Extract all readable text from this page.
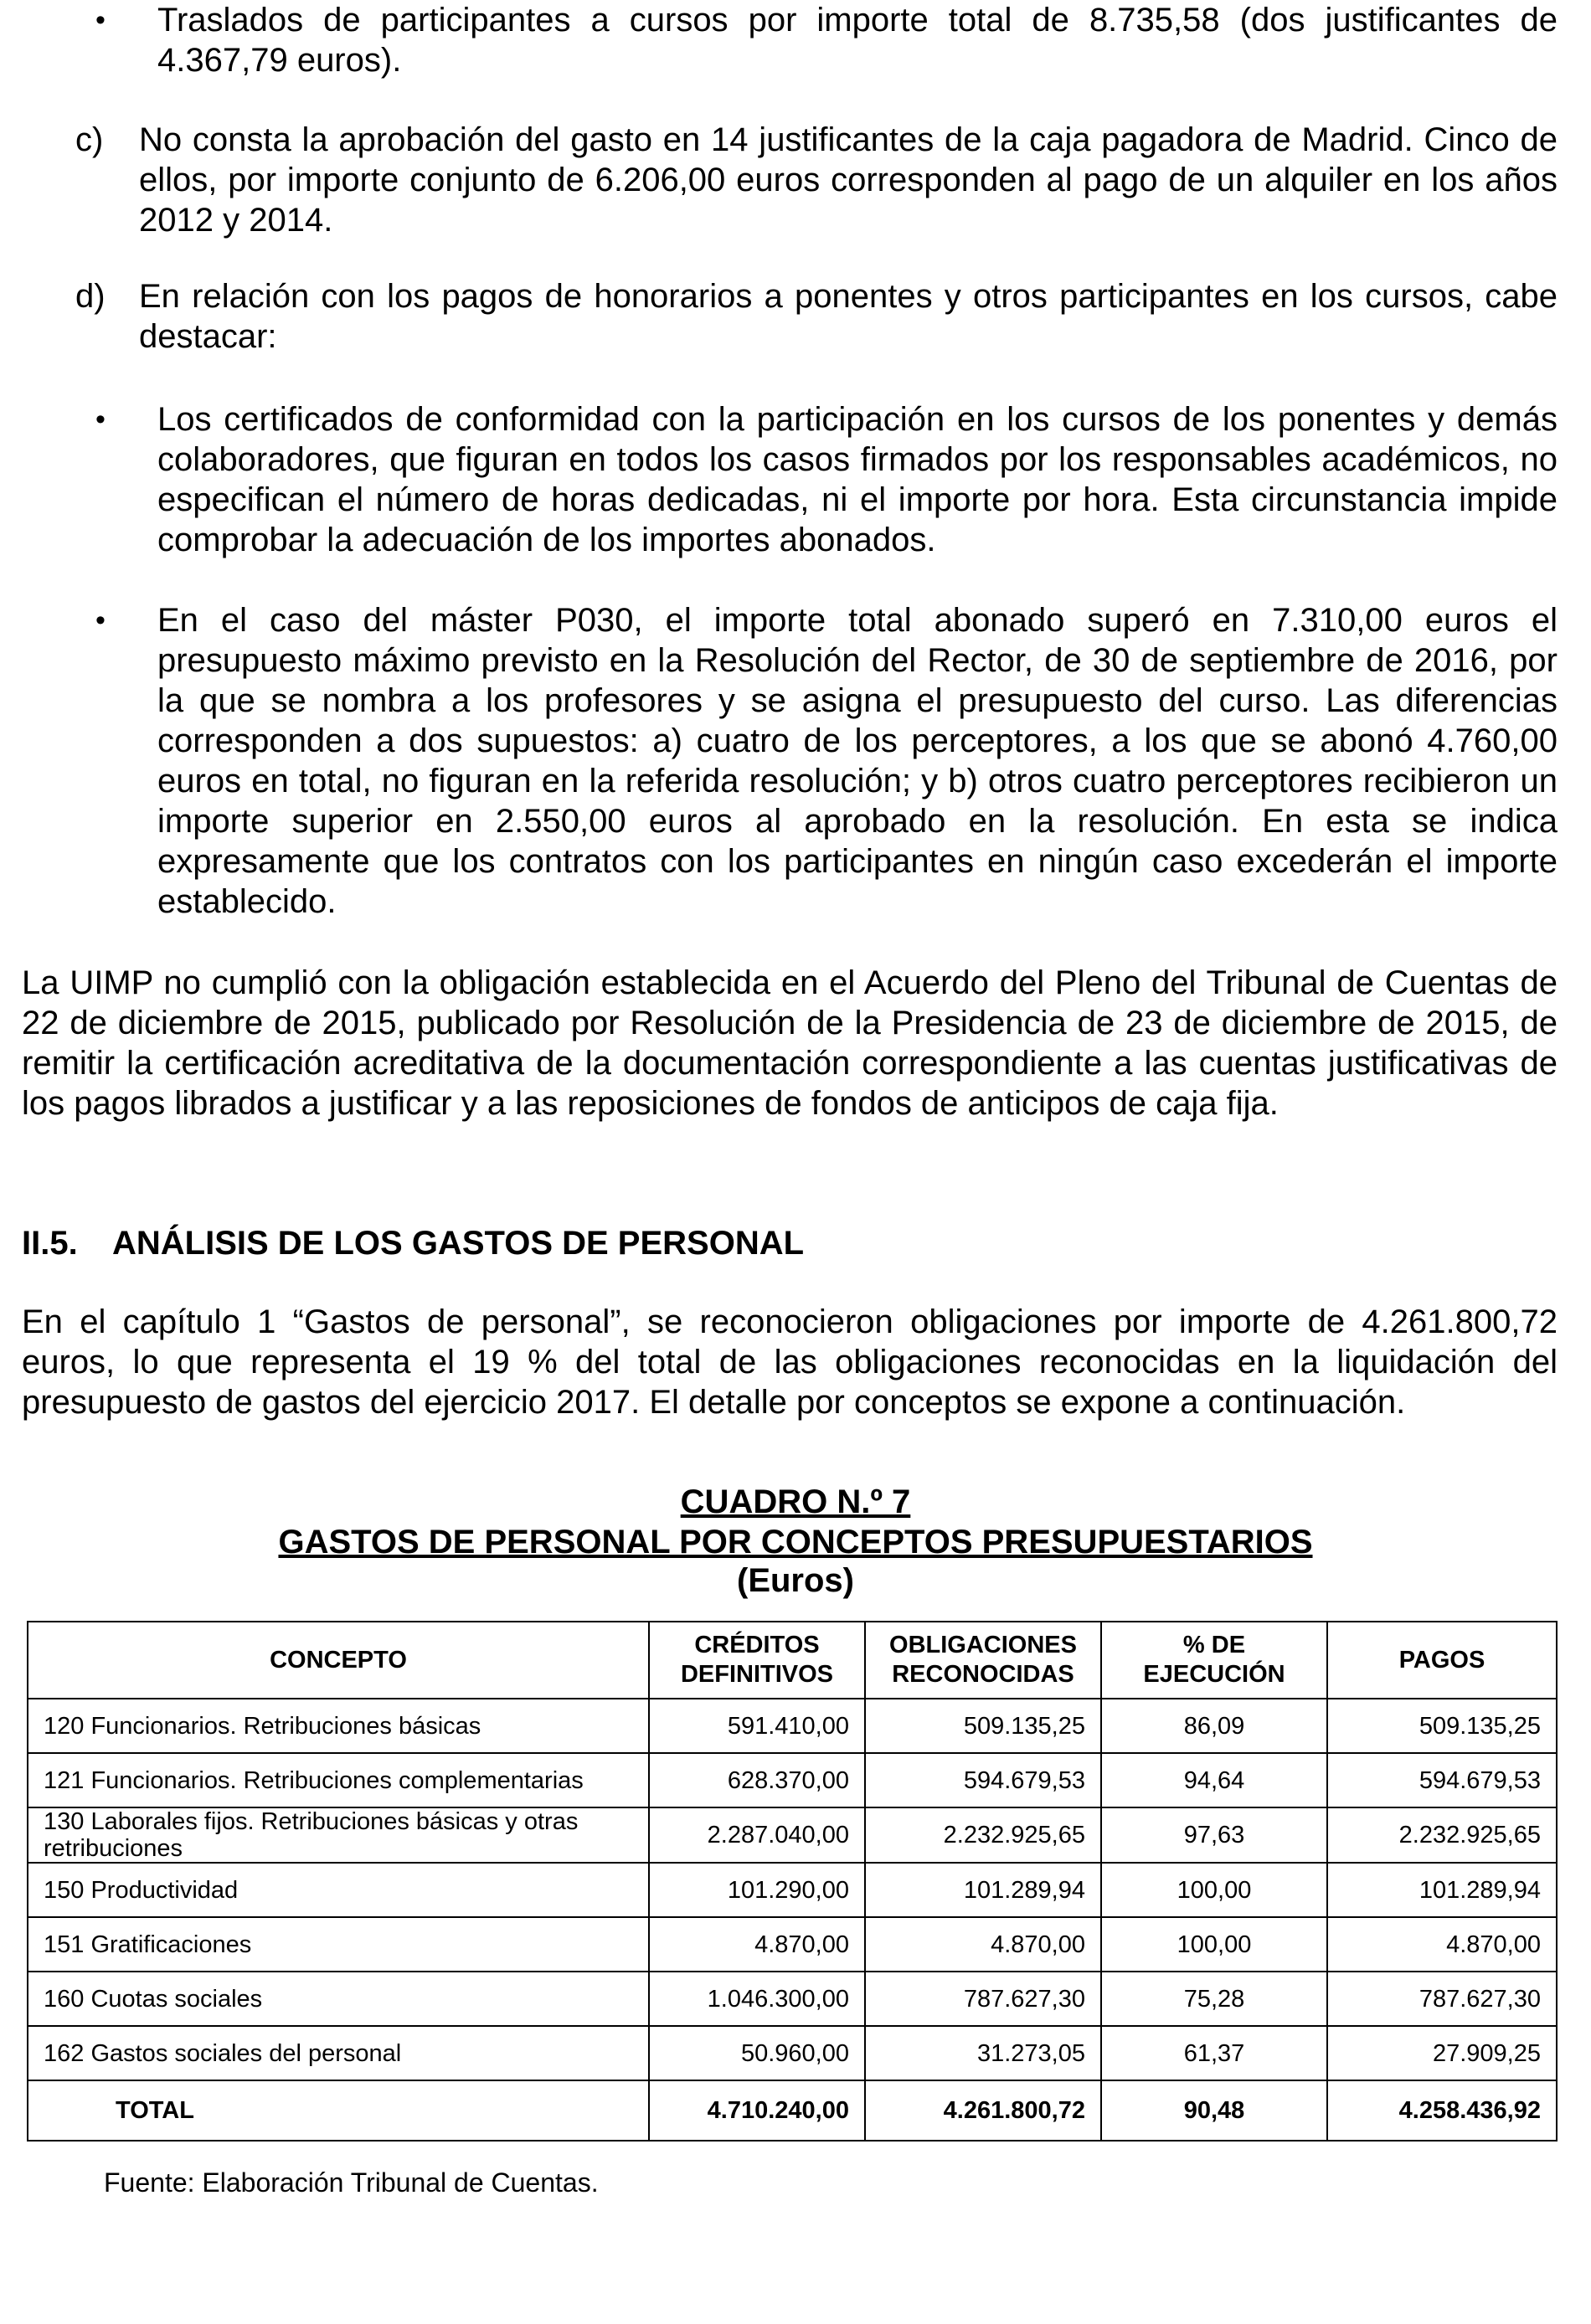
• Traslados de participantes a cursos por importe total de 8.735,58 (dos justificantes de 4.367,79 euros).

c) No consta la aprobación del gasto en 14 justificantes de la caja pagadora de Madrid. Cinco de ellos, por importe conjunto de 6.206,00 euros corresponden al pago de un alquiler en los años 2012 y 2014.

d) En relación con los pagos de honorarios a ponentes y otros participantes en los cursos, cabe destacar:

• Los certificados de conformidad con la participación en los cursos de los ponentes y demás colaboradores, que figuran en todos los casos firmados por los responsables académicos, no especifican el número de horas dedicadas, ni el importe por hora. Esta circunstancia impide comprobar la adecuación de los importes abonados.

• En el caso del máster P030, el importe total abonado superó en 7.310,00 euros el presupuesto máximo previsto en la Resolución del Rector, de 30 de septiembre de 2016, por la que se nombra a los profesores y se asigna el presupuesto del curso. Las diferencias corresponden a dos supuestos: a) cuatro de los perceptores, a los que se abonó 4.760,00 euros en total, no figuran en la referida resolución; y b) otros cuatro perceptores recibieron un importe superior en 2.550,00 euros al aprobado en la resolución. En esta se indica expresamente que los contratos con los participantes en ningún caso excederán el importe establecido.

La UIMP no cumplió con la obligación establecida en el Acuerdo del Pleno del Tribunal de Cuentas de 22 de diciembre de 2015, publicado por Resolución de la Presidencia de 23 de diciembre de 2015, de remitir la certificación acreditativa de la documentación correspondiente a las cuentas justificativas de los pagos librados a justificar y a las reposiciones de fondos de anticipos de caja fija.

II.5. ANÁLISIS DE LOS GASTOS DE PERSONAL

En el capítulo 1 “Gastos de personal”, se reconocieron obligaciones por importe de 4.261.800,72 euros, lo que representa el 19 % del total de las obligaciones reconocidas en la liquidación del presupuesto de gastos del ejercicio 2017. El detalle por conceptos se expone a continuación.

CUADRO N.º 7

GASTOS DE PERSONAL POR CONCEPTOS PRESUPUESTARIOS

(Euros)

CONCEPTO	CRÉDITOS DEFINITIVOS	OBLIGACIONES RECONOCIDAS	% DE EJECUCIÓN	PAGOS
120 Funcionarios. Retribuciones básicas	591.410,00	509.135,25	86,09	509.135,25
121 Funcionarios. Retribuciones complementarias	628.370,00	594.679,53	94,64	594.679,53
130 Laborales fijos. Retribuciones básicas y otras retribuciones	2.287.040,00	2.232.925,65	97,63	2.232.925,65
150 Productividad	101.290,00	101.289,94	100,00	101.289,94
151 Gratificaciones	4.870,00	4.870,00	100,00	4.870,00
160 Cuotas sociales	1.046.300,00	787.627,30	75,28	787.627,30
162 Gastos sociales del personal	50.960,00	31.273,05	61,37	27.909,25
TOTAL	4.710.240,00	4.261.800,72	90,48	4.258.436,92

Fuente: Elaboración Tribunal de Cuentas.
